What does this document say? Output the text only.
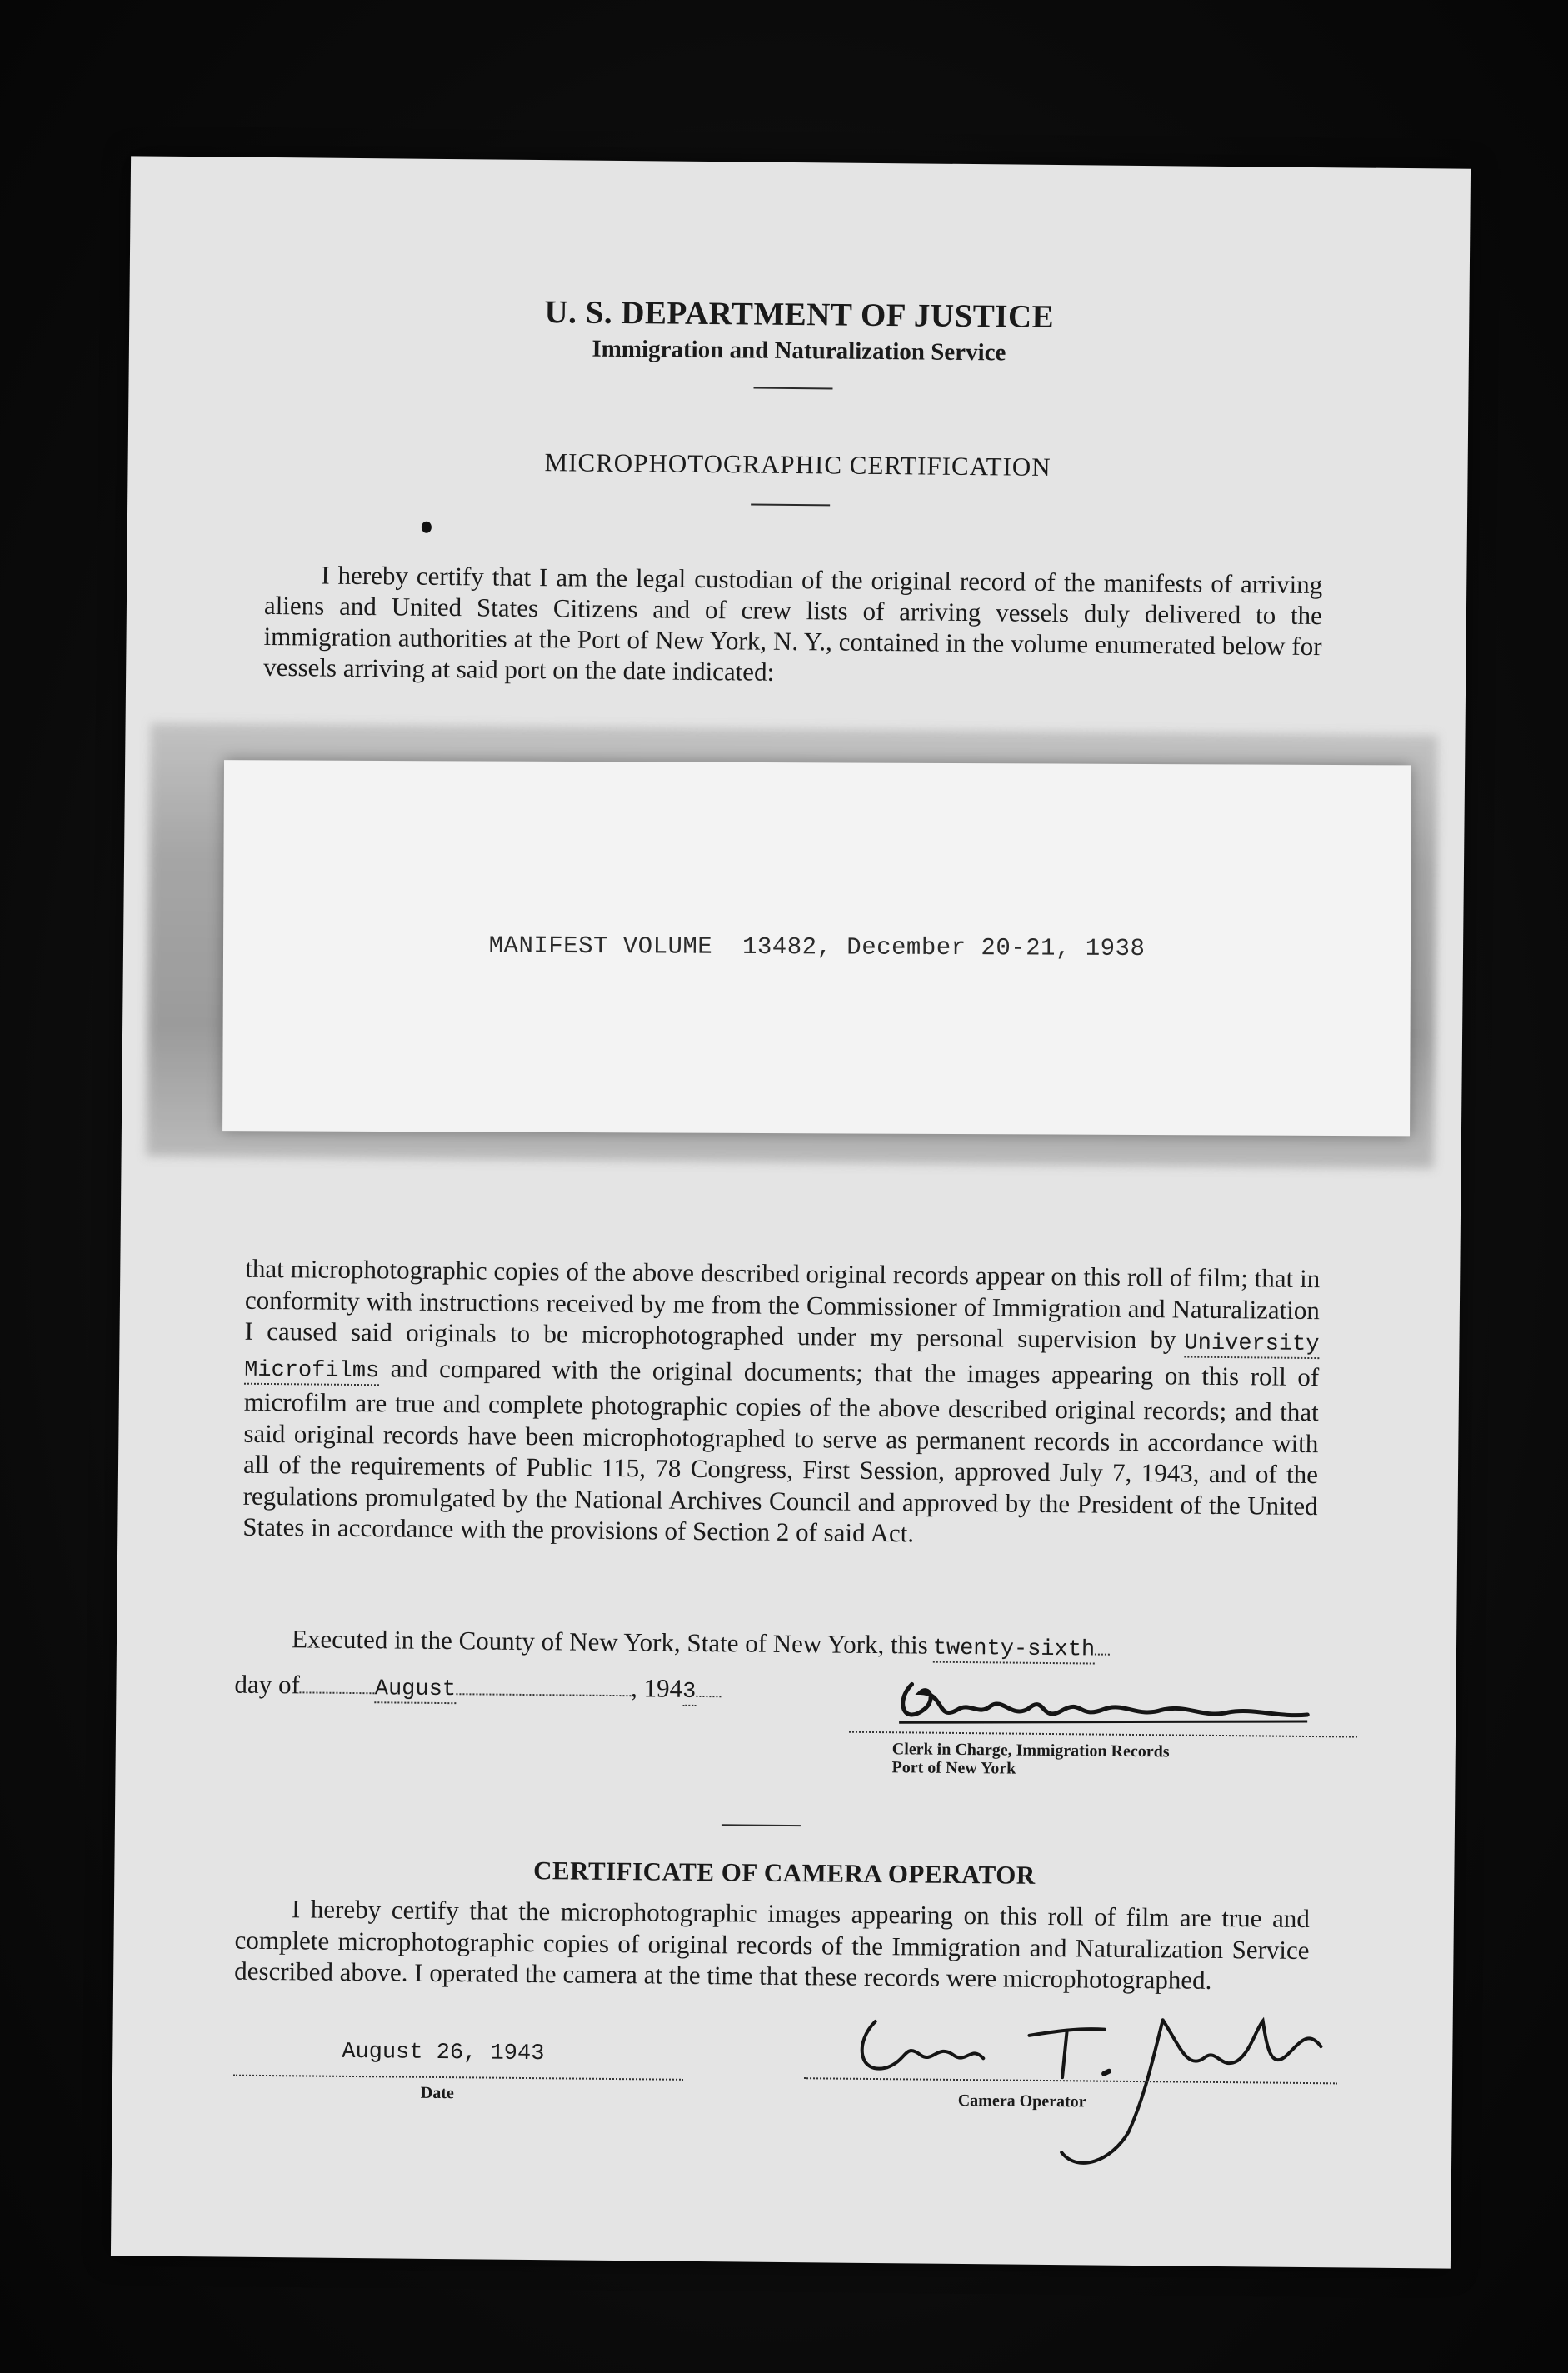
U. S. DEPARTMENT OF JUSTICE
Immigration and Naturalization Service
MICROPHOTOGRAPHIC CERTIFICATION

I hereby certify that I am the legal custodian of the original record of the manifests of arriving aliens and United States Citizens and of crew lists of arriving vessels duly delivered to the immigration authorities at the Port of New York, N. Y., contained in the volume enumerated below for vessels arriving at said port on the date indicated:

MANIFEST VOLUME  13482, December 20-21, 1938

that microphotographic copies of the above described original records appear on this roll of film; that in conformity with instructions received by me from the Commissioner of Immigration and Naturalization I caused said originals to be microphotographed under my personal supervision by University Microfilms and compared with the original documents; that the images appearing on this roll of microfilm are true and complete photographic copies of the above described original records; and that said original records have been microphotographed to serve as permanent records in accordance with all of the requirements of Public 115, 78 Congress, First Session, approved July 7, 1943, and of the regulations promulgated by the National Archives Council and approved by the President of the United States in accordance with the provisions of Section 2 of said Act.

Executed in the County of New York, State of New York, this twenty-sixth
day of	August	, 1943
Clerk in Charge, Immigration Records
Port of New York
CERTIFICATE OF CAMERA OPERATOR

I hereby certify that the microphotographic images appearing on this roll of film are true and complete microphotographic copies of original records of the Immigration and Naturalization Service described above. I operated the camera at the time that these records were microphotographed.

August 26, 1943
Date	Camera Operator
